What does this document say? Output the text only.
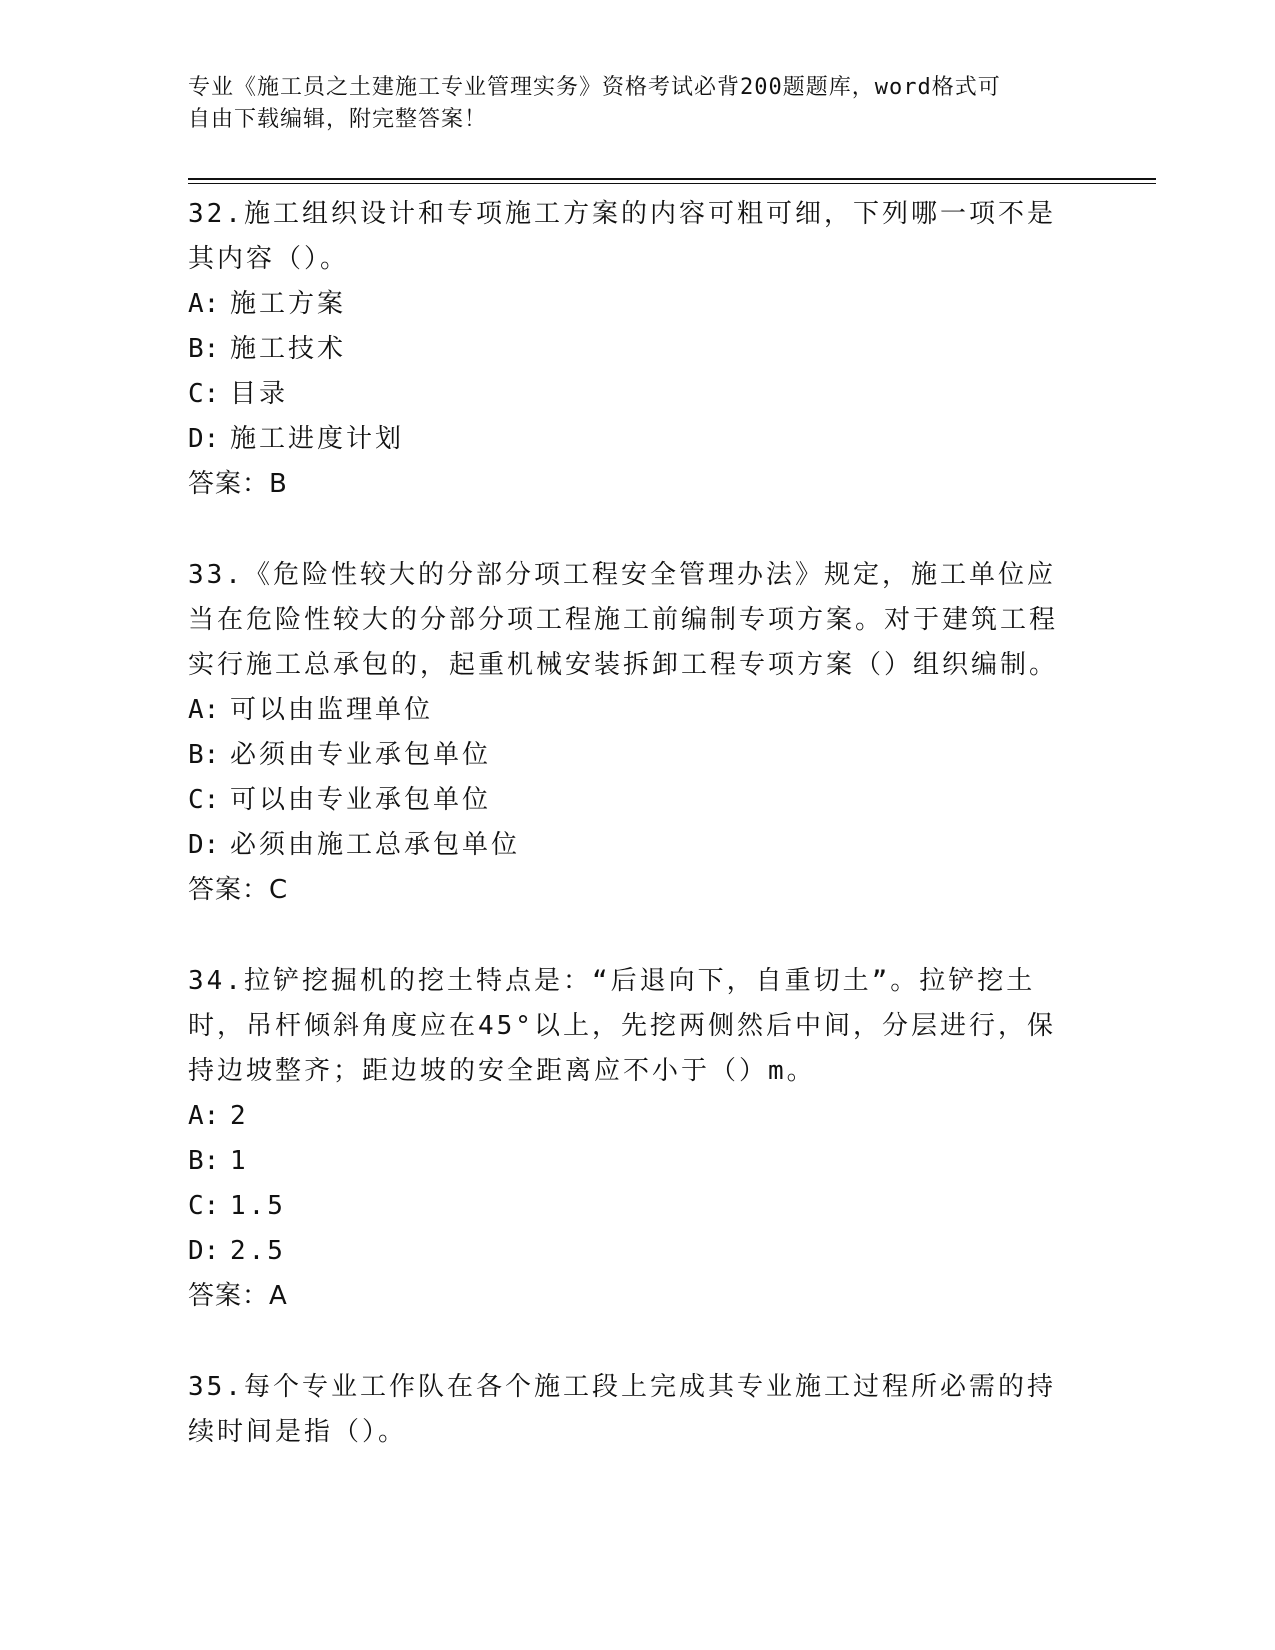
专业《施工员之土建施工专业管理实务》资格考试必背200题题库，word格式可
自由下载编辑，附完整答案！
32.施工组织设计和专项施工方案的内容可粗可细，下列哪一项不是其内容（）。
A: 施工方案
B: 施工技术
C: 目录
D: 施工进度计划
答案：B
33.《危险性较大的分部分项工程安全管理办法》规定，施工单位应当在危险性较大的分部分项工程施工前编制专项方案。对于建筑工程实行施工总承包的，起重机械安装拆卸工程专项方案（）组织编制。
A: 可以由监理单位
B: 必须由专业承包单位
C: 可以由专业承包单位
D: 必须由施工总承包单位
答案：C
34.拉铲挖掘机的挖土特点是：“后退向下，自重切土”。拉铲挖土时，吊杆倾斜角度应在45°以上，先挖两侧然后中间，分层进行，保持边坡整齐；距边坡的安全距离应不小于（）m。
A: 2
B: 1
C: 1.5
D: 2.5
答案：A
35.每个专业工作队在各个施工段上完成其专业施工过程所必需的持续时间是指（）。
